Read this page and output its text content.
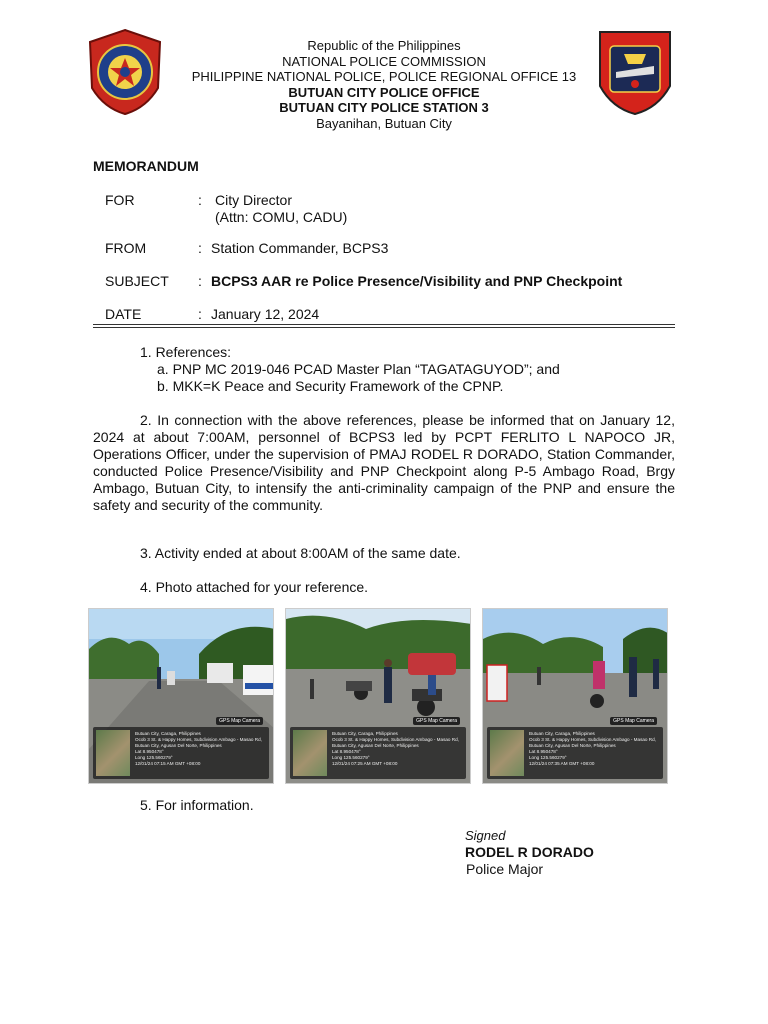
Republic of the Philippines
NATIONAL POLICE COMMISSION
PHILIPPINE NATIONAL POLICE, POLICE REGIONAL OFFICE 13
BUTUAN CITY POLICE OFFICE
BUTUAN CITY POLICE STATION 3
Bayanihan, Butuan City
MEMORANDUM
FOR	: City Director
(Attn: COMU, CADU)
FROM	: Station Commander, BCPS3
SUBJECT	: BCPS3 AAR re Police Presence/Visibility and PNP Checkpoint
DATE	: January 12, 2024
1. References:
a. PNP MC 2019-046 PCAD Master Plan “TAGATAGUYOD”; and
b. MKK=K Peace and Security Framework of the CPNP.
2. In connection with the above references, please be informed that on January 12, 2024 at about 7:00AM, personnel of BCPS3 led by PCPT FERLITO L NAPOCO JR, Operations Officer, under the supervision of PMAJ RODEL R DORADO, Station Commander, conducted Police Presence/Visibility and PNP Checkpoint along P-5 Ambago Road, Brgy Ambago, Butuan City, to intensify the anti-criminality campaign of the PNP and ensure the safety and security of the community.
3. Activity ended at about 8:00AM of the same date.
4. Photo attached for your reference.
GPS Map Camera
Butuan City, Caraga, Philippines
Ocob 3 St. & Happy Homes, Subdivision Ambago - Masao Rd, Butuan City, Agusan Del Norte, Philippines
Lat 8.950478°
Long 125.560279°
12/01/24 07:15 AM GMT +08:00
GPS Map Camera
Butuan City, Caraga, Philippines
Ocob 3 St. & Happy Homes, Subdivision Ambago - Masao Rd, Butuan City, Agusan Del Norte, Philippines
Lat 8.950478°
Long 125.560279°
12/01/24 07:25 AM GMT +08:00
GPS Map Camera
Butuan City, Caraga, Philippines
Ocob 3 St. & Happy Homes, Subdivision Ambago - Masao Rd, Butuan City, Agusan Del Norte, Philippines
Lat 8.950478°
Long 125.560279°
12/01/24 07:35 AM GMT +08:00
5. For information.
Signed
RODEL R DORADO
Police Major
